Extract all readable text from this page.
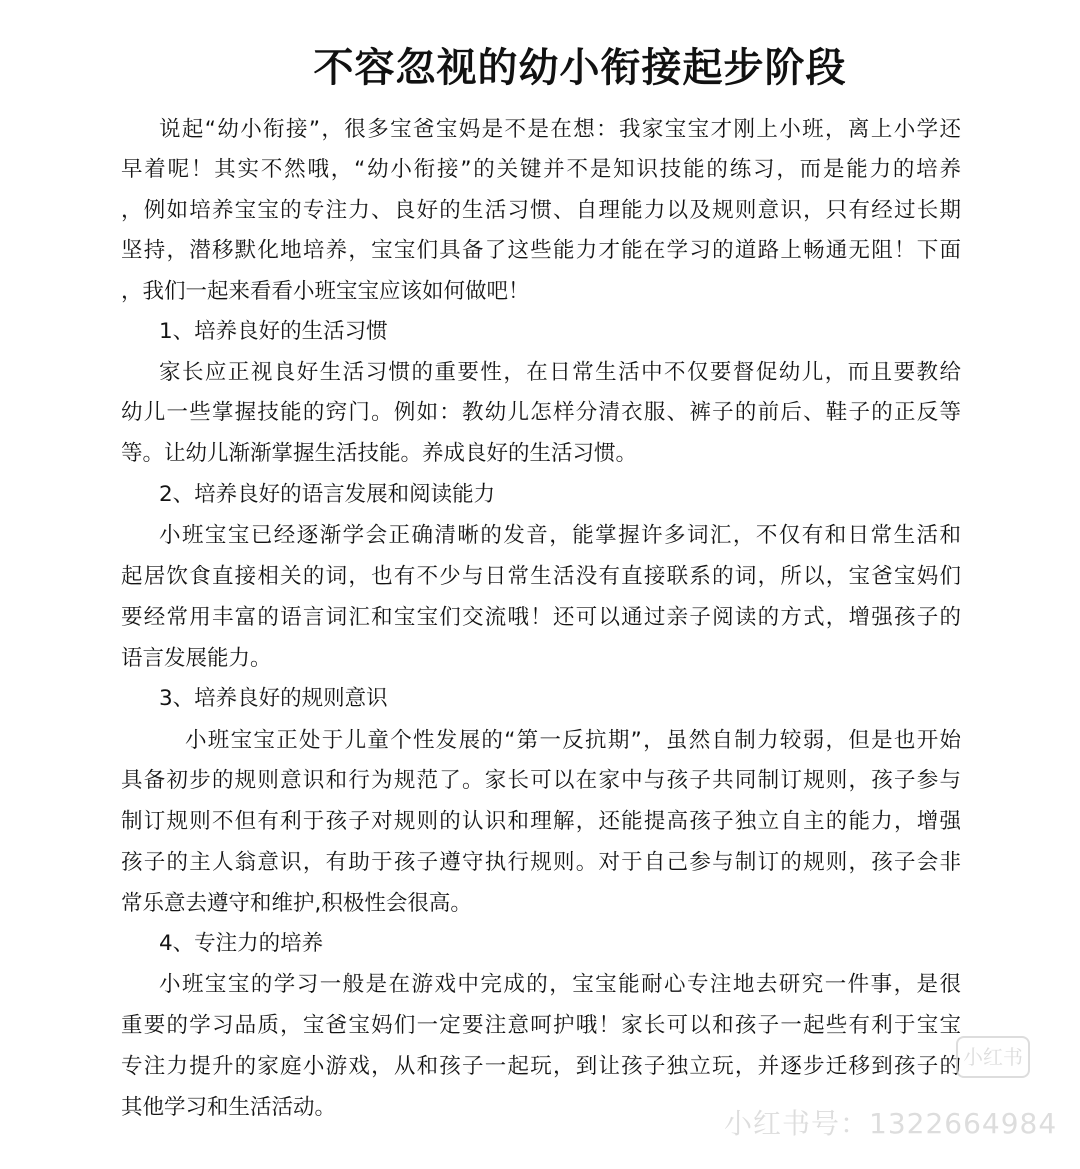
不容忽视的幼小衔接起步阶段
说起“幼小衔接”，很多宝爸宝妈是不是在想：我家宝宝才刚上小班，离上小学还
早着呢！其实不然哦，“幼小衔接”的关键并不是知识技能的练习，而是能力的培养
，例如培养宝宝的专注力、良好的生活习惯、自理能力以及规则意识，只有经过长期
坚持，潜移默化地培养，宝宝们具备了这些能力才能在学习的道路上畅通无阻！下面
，我们一起来看看小班宝宝应该如何做吧！
1、培养良好的生活习惯
家长应正视良好生活习惯的重要性，在日常生活中不仅要督促幼儿，而且要教给
幼儿一些掌握技能的窍门。例如：教幼儿怎样分清衣服、裤子的前后、鞋子的正反等
等。让幼儿渐渐掌握生活技能。养成良好的生活习惯。
2、培养良好的语言发展和阅读能力
小班宝宝已经逐渐学会正确清晰的发音，能掌握许多词汇，不仅有和日常生活和
起居饮食直接相关的词，也有不少与日常生活没有直接联系的词，所以，宝爸宝妈们
要经常用丰富的语言词汇和宝宝们交流哦！还可以通过亲子阅读的方式，增强孩子的
语言发展能力。
3、培养良好的规则意识
小班宝宝正处于儿童个性发展的“第一反抗期”，虽然自制力较弱，但是也开始
具备初步的规则意识和行为规范了。家长可以在家中与孩子共同制订规则，孩子参与
制订规则不但有利于孩子对规则的认识和理解，还能提高孩子独立自主的能力，增强
孩子的主人翁意识，有助于孩子遵守执行规则。对于自己参与制订的规则，孩子会非
常乐意去遵守和维护,积极性会很高。
4、专注力的培养
小班宝宝的学习一般是在游戏中完成的，宝宝能耐心专注地去研究一件事，是很
重要的学习品质，宝爸宝妈们一定要注意呵护哦！家长可以和孩子一起些有利于宝宝
专注力提升的家庭小游戏，从和孩子一起玩，到让孩子独立玩，并逐步迁移到孩子的
其他学习和生活活动。
小红书
小红书号：1322664984
